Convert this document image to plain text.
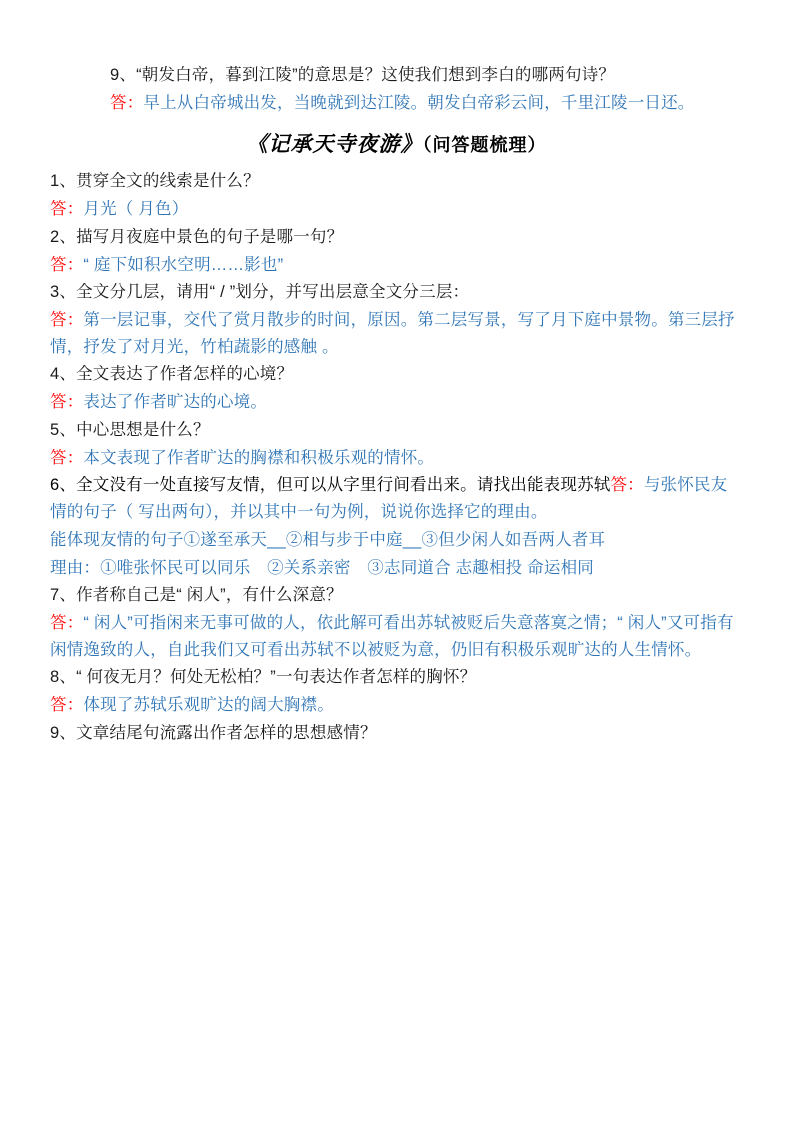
9、“朝发白帝，暮到江陵”的意思是？这使我们想到李白的哪两句诗？

答：早上从白帝城出发，当晚就到达江陵。朝发白帝彩云间，千里江陵一日还。

《记承天寺夜游》（问答题梳理）

1、贯穿全文的线索是什么？

答：月光（ 月色）

2、描写月夜庭中景色的句子是哪一句？

答：“ 庭下如积水空明……影也”

3、全文分几层，请用“ / ”划分，并写出层意全文分三层：

答：第一层记事，交代了赏月散步的时间，原因。第二层写景，写了月下庭中景物。第三层抒情，抒发了对月光，竹柏蔬影的感触 。

4、全文表达了作者怎样的心境？

答：表达了作者旷达的心境。

5、中心思想是什么？

答：本文表现了作者旷达的胸襟和积极乐观的情怀。

6、全文没有一处直接写友情，但可以从字里行间看出来。请找出能表现苏轼答：与张怀民友情的句子（ 写出两句），并以其中一句为例，说说你选择它的理由。

能体现友情的句子①遂至承天__②相与步于中庭__③但少闲人如吾两人者耳

理由：①唯张怀民可以同乐　②关系亲密　③志同道合 志趣相投 命运相同

7、作者称自己是“ 闲人”，有什么深意？

答：“ 闲人”可指闲来无事可做的人，依此解可看出苏轼被贬后失意落寞之情；“ 闲人”又可指有闲情逸致的人，自此我们又可看出苏轼不以被贬为意，仍旧有积极乐观旷达的人生情怀。

8、“ 何夜无月？何处无松柏？”一句表达作者怎样的胸怀？

答：体现了苏轼乐观旷达的阔大胸襟。

9、文章结尾句流露出作者怎样的思想感情？
